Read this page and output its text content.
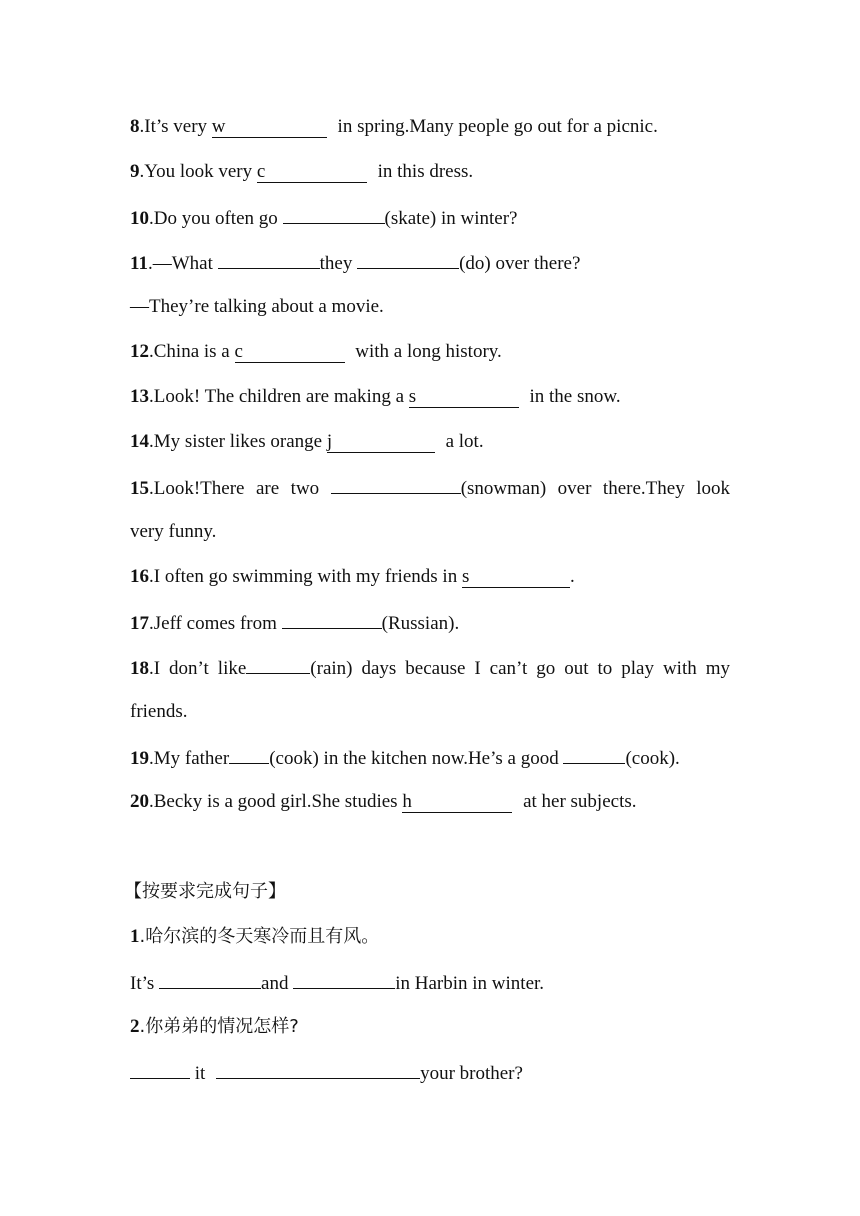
8.It’s very w	in spring.Many people go out for a picnic.
9.You look very c	in this dress.
10.Do you often go	(skate) in winter?
11.—What	they	(do) over there?
—They’re talking about a movie.
12.China is a c	with a long history.
13.Look! The children are making a s	in the snow.
14.My sister likes orange j	a lot.
15.Look!There are two	(snowman) over there.They look
very funny.
16.I often go swimming with my friends in s	.
17.Jeff comes from	(Russian).
18.I don’t like	(rain) days because I can’t go out to play with my
friends.
19.My father (cook) in the kitchen now.He’s a good	(cook).
20.Becky is a good girl.She studies h	at her subjects.
【按要求完成句子】
1.哈尔滨的冬天寒冷而且有风。
It’s	and	in Harbin in winter.
2.你弟弟的情况怎样?
it	your brother?
